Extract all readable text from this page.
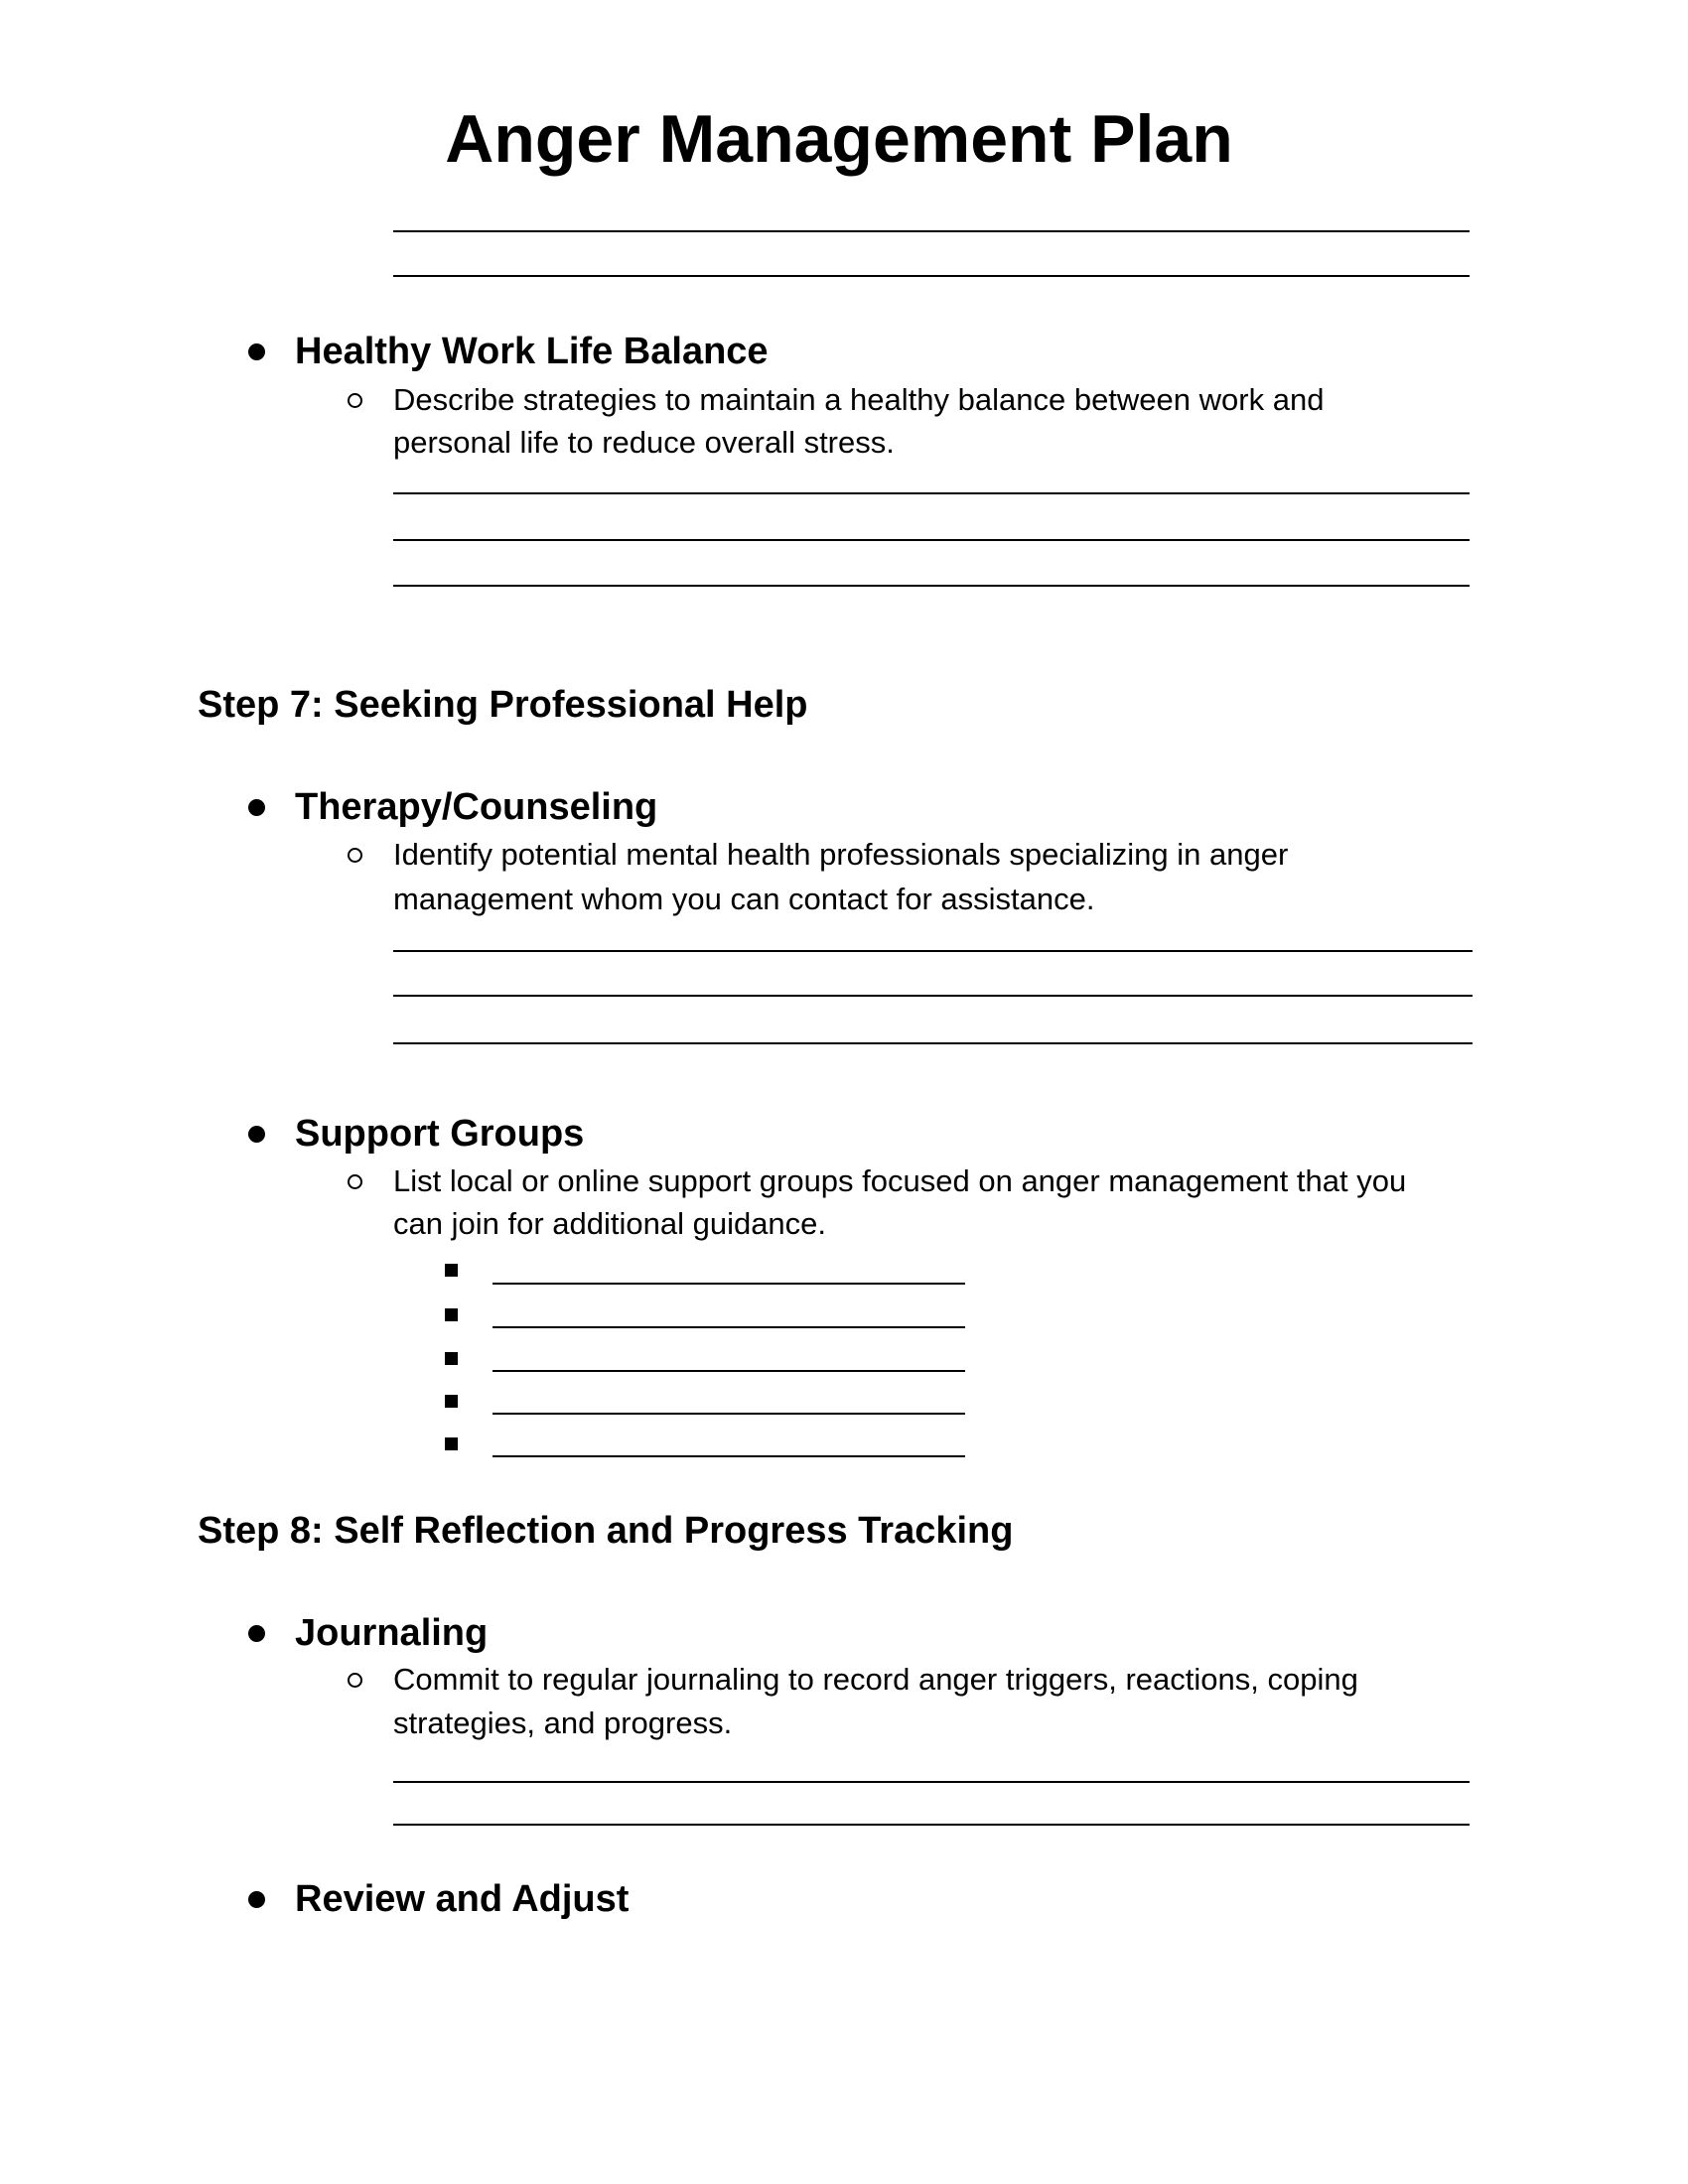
Anger Management Plan
Healthy Work Life Balance
Describe strategies to maintain a healthy balance between work and
personal life to reduce overall stress.
Step 7: Seeking Professional Help
Therapy/Counseling
Identify potential mental health professionals specializing in anger
management whom you can contact for assistance.
Support Groups
List local or online support groups focused on anger management that you
can join for additional guidance.
Step 8: Self Reflection and Progress Tracking
Journaling
Commit to regular journaling to record anger triggers, reactions, coping
strategies, and progress.
Review and Adjust
